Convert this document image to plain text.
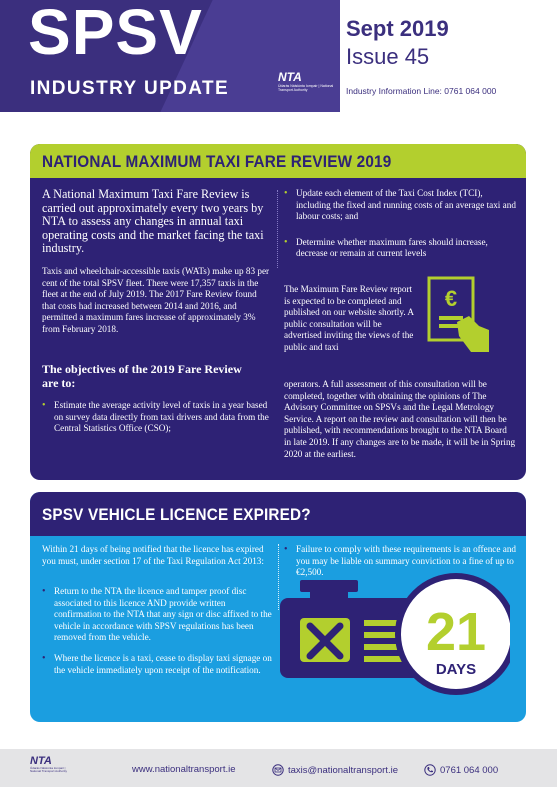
SPSV
INDUSTRY UPDATE
NTA
Údarás Náisiúnta Iompair | National Transport Authority
Sept 2019
Issue 45
Industry Information Line: 0761 064 000
NATIONAL MAXIMUM TAXI FARE REVIEW 2019
A National Maximum Taxi Fare Review is carried out approximately every two years by NTA to assess any changes in annual taxi operating costs and the market facing the taxi industry.
Taxis and wheelchair-accessible taxis (WATs) make up 83 per cent of the total SPSV fleet. There were 17,357 taxis in the fleet at the end of July 2019. The 2017 Fare Review found that costs had increased between 2014 and 2016, and permitted a maximum fares increase of approximately 3% from February 2018.
The objectives of the 2019 Fare Review are to:
• Estimate the average activity level of taxis in a year based on survey data directly from taxi drivers and data from the Central Statistics Office (CSO);
• Update each element of the Taxi Cost Index (TCI), including the fixed and running costs of an average taxi and labour costs; and
• Determine whether maximum fares should increase, decrease or remain at current levels
The Maximum Fare Review report is expected to be completed and published on our website shortly. A public consultation will be advertised inviting the views of the public and taxi
operators. A full assessment of this consultation will be completed, together with obtaining the opinions of The Advisory Committee on SPSVs and the Legal Metrology Service. A report on the review and consultation will then be published, with recommendations brought to the NTA Board in late 2019. If any changes are to be made, it will be in Spring 2020 at the earliest.
€
SPSV VEHICLE LICENCE EXPIRED?
Within 21 days of being notified that the licence has expired you must, under section 17 of the Taxi Regulation Act 2013:
• Return to the NTA the licence and tamper proof disc associated to this licence AND provide written confirmation to the NTA that any sign or disc affixed to the vehicle in accordance with SPSV regulations has been removed from the vehicle.
• Where the licence is a taxi, cease to display taxi signage on the vehicle immediately upon receipt of the notification.
• Failure to comply with these requirements is an offence and you may be liable on summary conviction to a fine of up to €2,500.
21
DAYS
NTA
Údarás Náisiúnta Iompair | National Transport Authority	www.nationaltransport.ie	taxis@nationaltransport.ie	0761 064 000
